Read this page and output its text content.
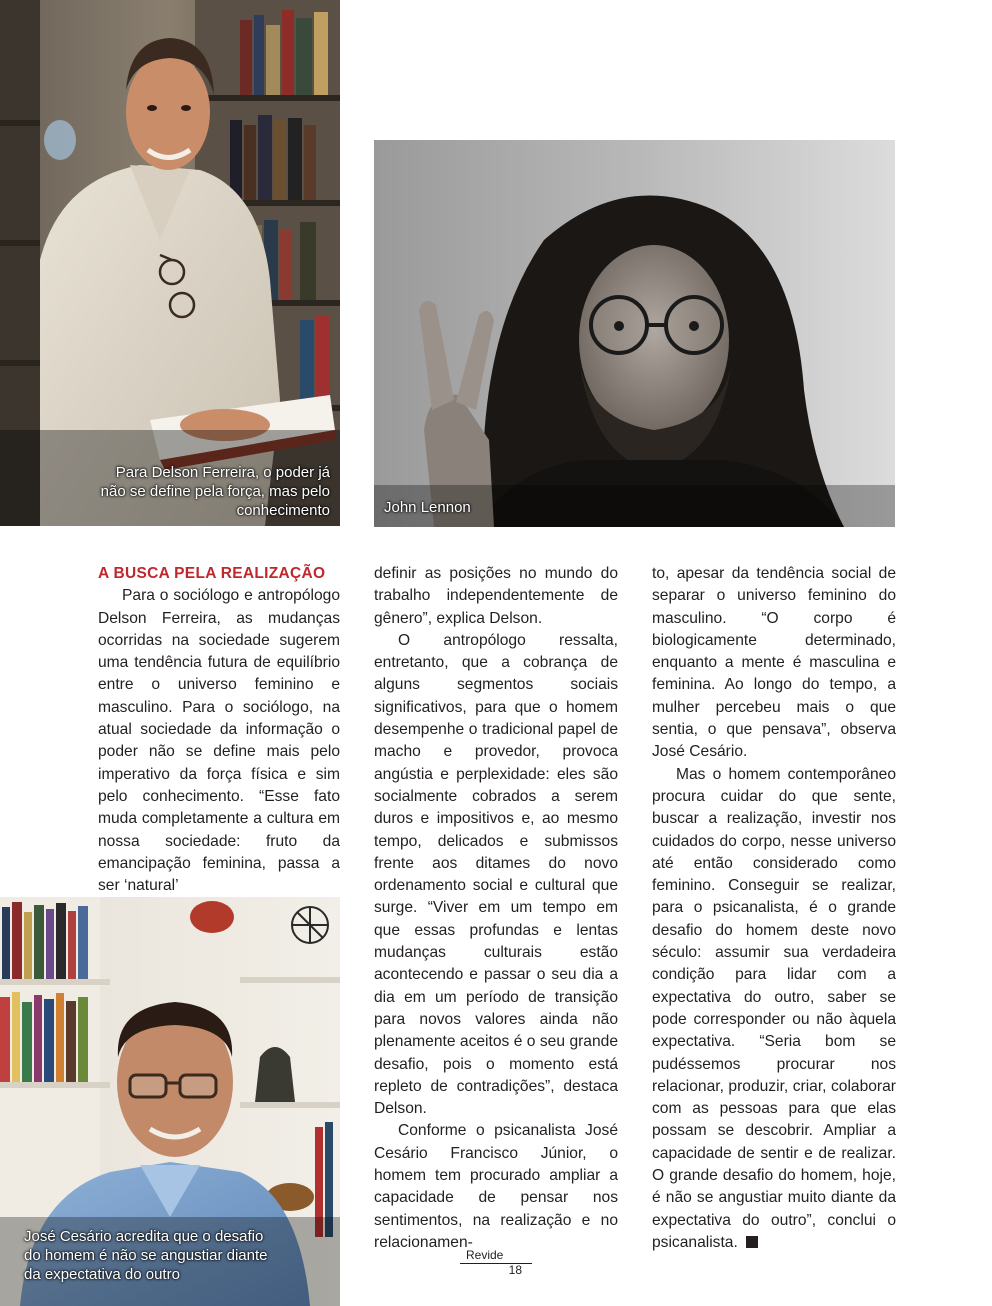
Para Delson Ferreira, o poder já não se define pela força, mas pelo conhecimento	John Lennon
José Cesário acredita que o desafio do homem é não se angustiar diante da expectativa do outro

A BUSCA PELA REALIZAÇÃO

Para o sociólogo e antropólogo Delson Ferreira, as mudanças ocorridas na sociedade sugerem uma tendência futura de equilíbrio entre o universo feminino e masculino. Para o sociólogo, na atual sociedade da informação o poder não se define mais pelo imperativo da força física e sim pelo conhecimento. “Esse fato muda completamente a cultura em nossa sociedade: fruto da emancipação feminina, passa a ser ‘natural’

definir as posições no mundo do trabalho independentemente de gênero”, explica Delson.

O antropólogo ressalta, entretanto, que a cobrança de alguns segmentos sociais significativos, para que o homem desempenhe o tradicional papel de macho e provedor, provoca angústia e perplexidade: eles são socialmente cobrados a serem duros e impositivos e, ao mesmo tempo, delicados e submissos frente aos ditames do novo ordenamento social e cultural que surge. “Viver em um tempo em que essas profundas e lentas mudanças culturais estão acontecendo e passar o seu dia a dia em um período de transição para novos valores ainda não plenamente aceitos é o seu grande desafio, pois o momento está repleto de contradições”, destaca Delson.

Conforme o psicanalista José Cesário Francisco Júnior, o homem tem procurado ampliar a capacidade de pensar nos sentimentos, na realização e no relacionamen-

to, apesar da tendência social de separar o universo feminino do masculino. “O corpo é biologicamente determinado, enquanto a mente é masculina e feminina. Ao longo do tempo, a mulher percebeu mais o que sentia, o que pensava”, observa José Cesário.

Mas o homem contemporâneo procura cuidar do que sente, buscar a realização, investir nos cuidados do corpo, nesse universo até então considerado como feminino. Conseguir se realizar, para o psicanalista, é o grande desafio do homem deste novo século: assumir sua verdadeira condição para lidar com a expectativa do outro, saber se pode corresponder ou não àquela expectativa. “Seria bom se pudéssemos procurar nos relacionar, produzir, criar, colaborar com as pessoas para que elas possam se descobrir. Ampliar a capacidade de sentir e de realizar. O grande desafio do homem, hoje, é não se angustiar muito diante da expectativa do outro”, conclui o psicanalista.

Revide
18
